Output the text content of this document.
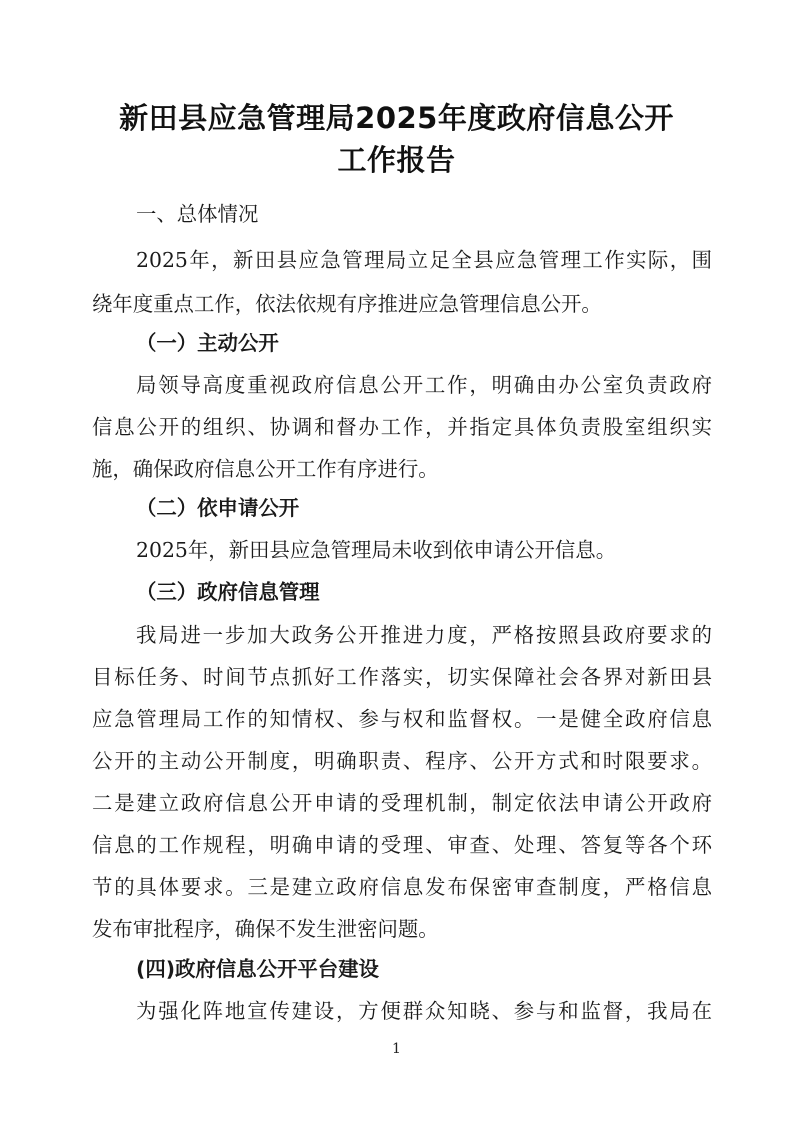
新田县应急管理局2025年度政府信息公开
工作报告
一、总体情况
2025年，新田县应急管理局立足全县应急管理工作实际，围
绕年度重点工作，依法依规有序推进应急管理信息公开。
（一）主动公开
局领导高度重视政府信息公开工作，明确由办公室负责政府
信息公开的组织、协调和督办工作，并指定具体负责股室组织实
施，确保政府信息公开工作有序进行。
（二）依申请公开
2025年，新田县应急管理局未收到依申请公开信息。
（三）政府信息管理
我局进一步加大政务公开推进力度，严格按照县政府要求的
目标任务、时间节点抓好工作落实，切实保障社会各界对新田县
应急管理局工作的知情权、参与权和监督权。一是健全政府信息
公开的主动公开制度，明确职责、程序、公开方式和时限要求。
二是建立政府信息公开申请的受理机制，制定依法申请公开政府
信息的工作规程，明确申请的受理、审查、处理、答复等各个环
节的具体要求。三是建立政府信息发布保密审查制度，严格信息
发布审批程序，确保不发生泄密问题。
(四)政府信息公开平台建设
为强化阵地宣传建设，方便群众知晓、参与和监督，我局在
1
